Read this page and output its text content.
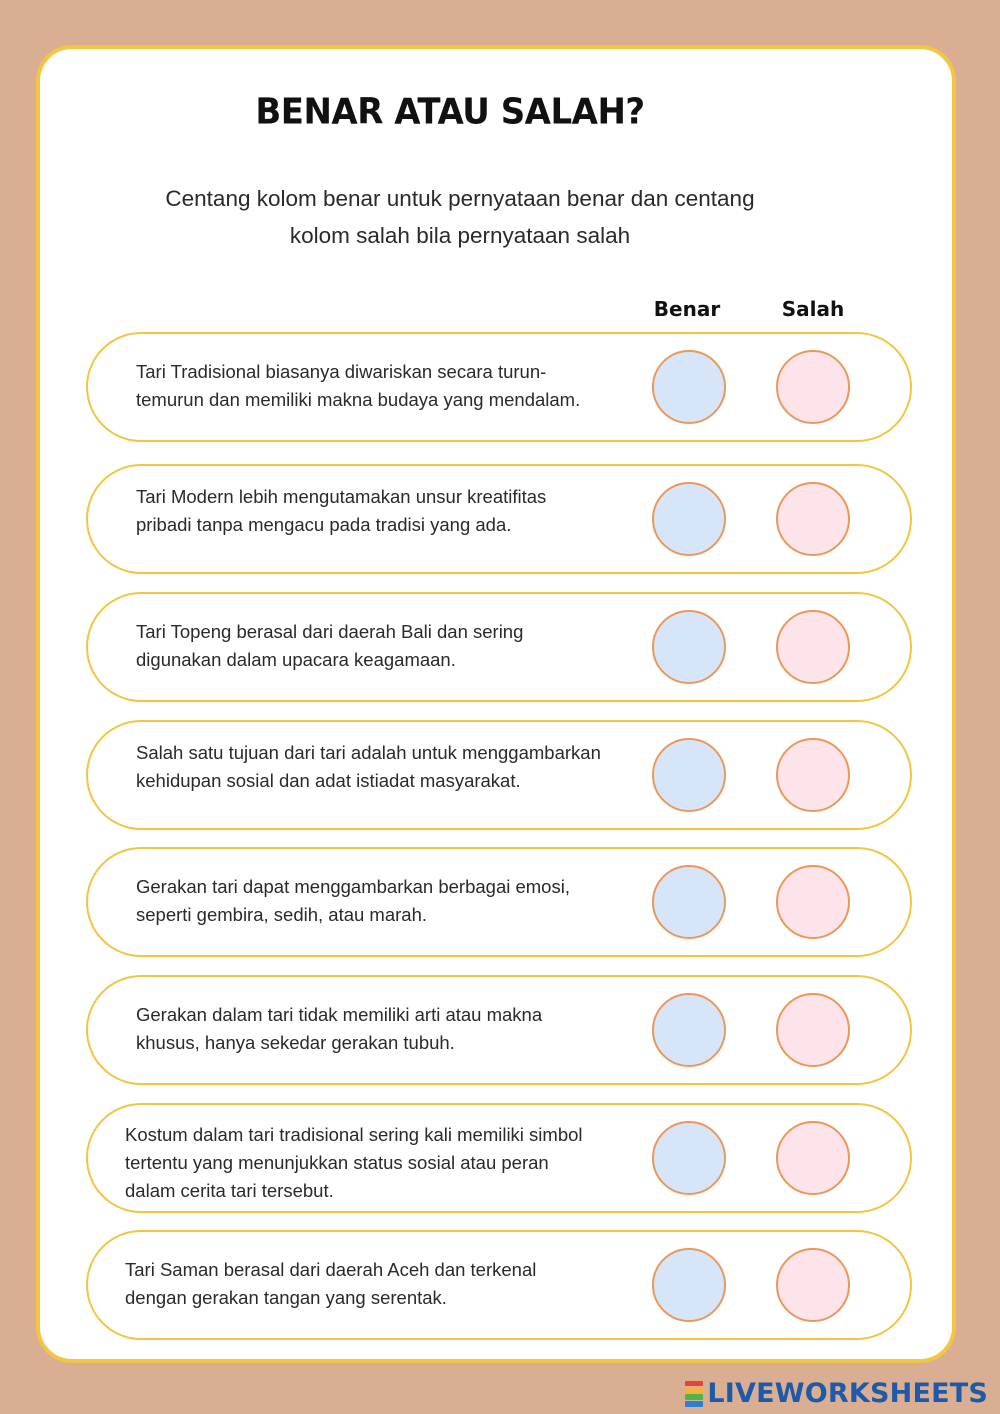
BENAR ATAU SALAH?
Centang kolom benar untuk pernyataan benar dan centang
kolom salah bila pernyataan salah
Benar	Salah
Tari Tradisional biasanya diwariskan secara turun-
temurun dan memiliki makna budaya yang mendalam.
Tari Modern lebih mengutamakan unsur kreatifitas
pribadi tanpa mengacu pada tradisi yang ada.
Tari Topeng berasal dari daerah Bali dan sering
digunakan dalam upacara keagamaan.
Salah satu tujuan dari tari adalah untuk menggambarkan
kehidupan sosial dan adat istiadat masyarakat.
Gerakan tari dapat menggambarkan berbagai emosi,
seperti gembira, sedih, atau marah.
Gerakan dalam tari tidak memiliki arti atau makna
khusus, hanya sekedar gerakan tubuh.
Kostum dalam tari tradisional sering kali memiliki simbol
tertentu yang menunjukkan status sosial atau peran
dalam cerita tari tersebut.
Tari Saman berasal dari daerah Aceh dan terkenal
dengan gerakan tangan yang serentak.
LIVEWORKSHEETS
